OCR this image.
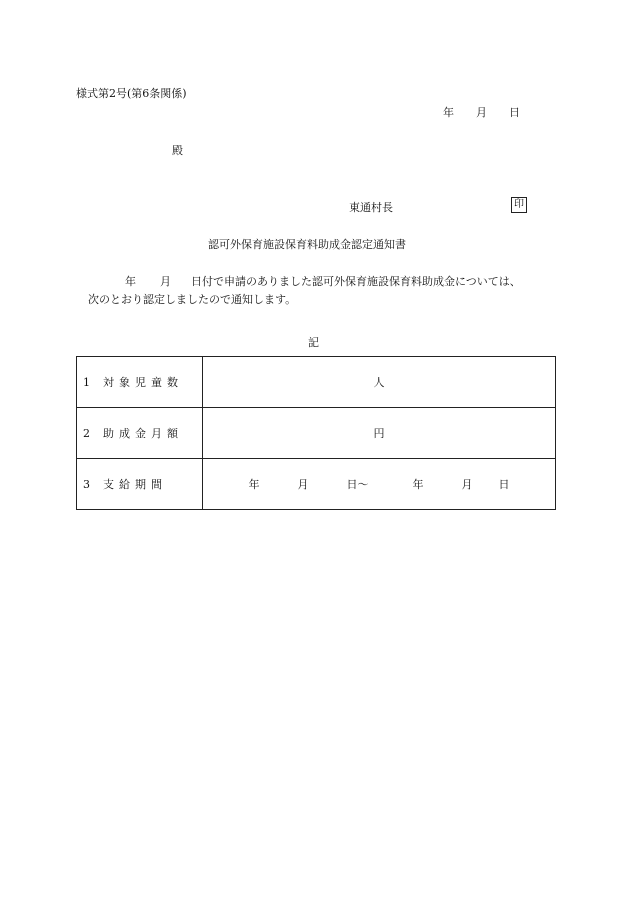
様式第2号(第6条関係)
年 月 日
殿
東通村長	印
認可外保育施設保育料助成金認定通知書
年 月 日付で申請のありました認可外保育施設保育料助成金については、
次のとおり認定しましたので通知します。
記
1 対象児童数	人
2 助成金月額	円
3 支給期間	年 月 日〜 年 月 日
